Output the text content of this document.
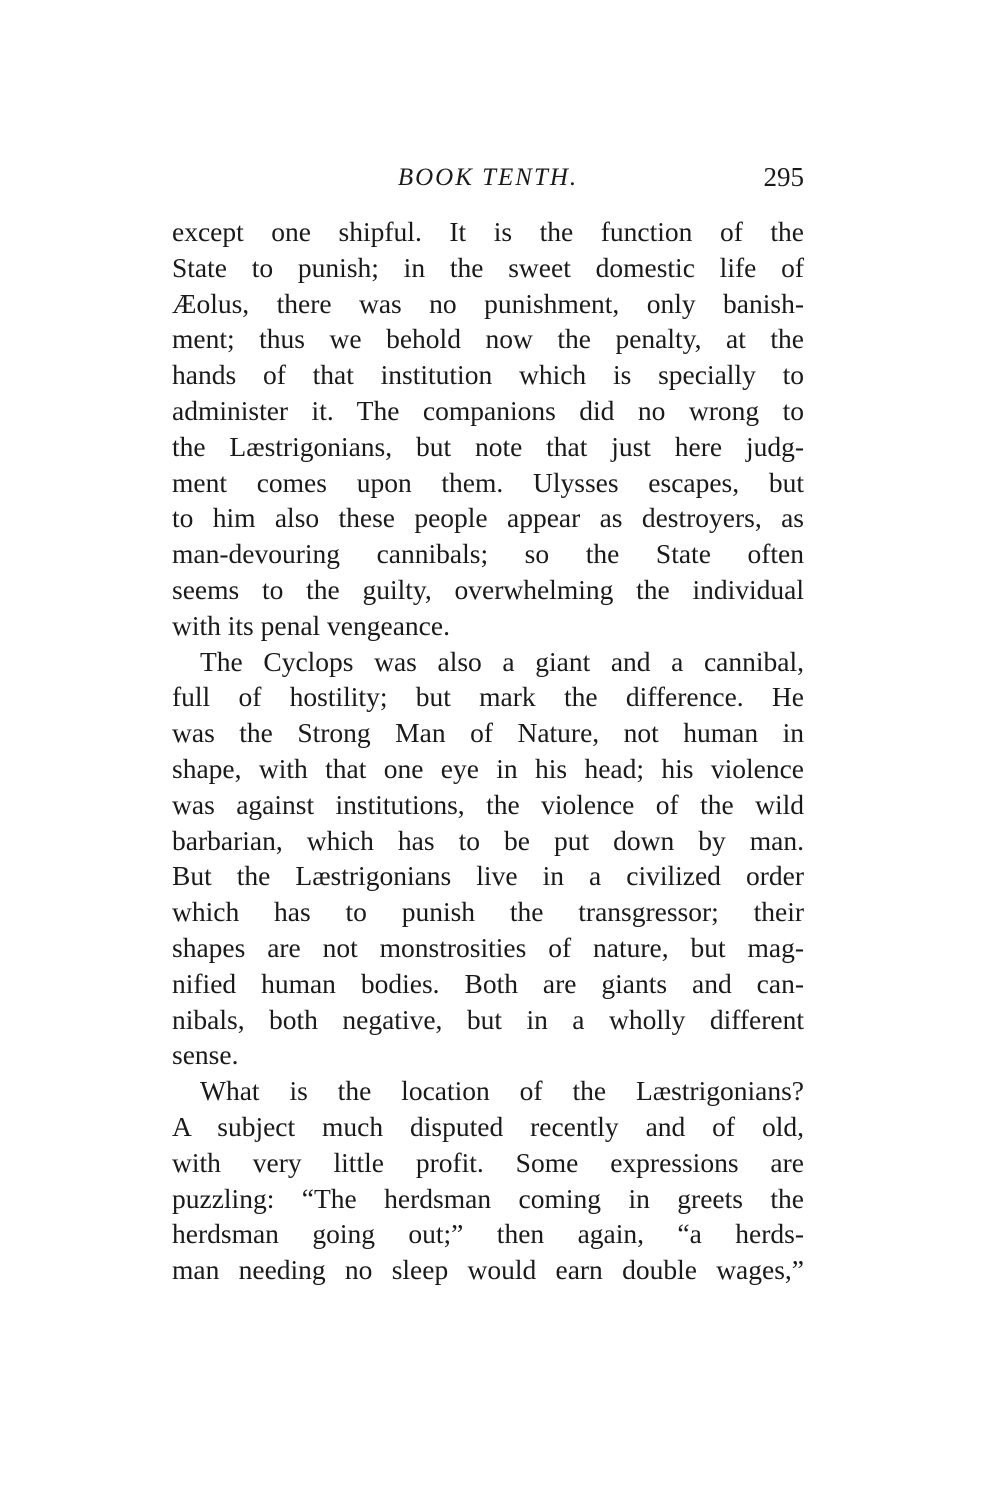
BOOK TENTH.	295
except one shipful. It is the function of the
State to punish; in the sweet domestic life of
Æolus, there was no punishment, only banish-
ment; thus we behold now the penalty, at the
hands of that institution which is specially to
administer it. The companions did no wrong to
the Læstrigonians, but note that just here judg-
ment comes upon them. Ulysses escapes, but
to him also these people appear as destroyers, as
man-devouring cannibals; so the State often
seems to the guilty, overwhelming the individual
with its penal vengeance.
The Cyclops was also a giant and a cannibal,
full of hostility; but mark the difference. He
was the Strong Man of Nature, not human in
shape, with that one eye in his head; his violence
was against institutions, the violence of the wild
barbarian, which has to be put down by man.
But the Læstrigonians live in a civilized order
which has to punish the transgressor; their
shapes are not monstrosities of nature, but mag-
nified human bodies. Both are giants and can-
nibals, both negative, but in a wholly different
sense.
What is the location of the Læstrigonians?
A subject much disputed recently and of old,
with very little profit. Some expressions are
puzzling: “The herdsman coming in greets the
herdsman going out;” then again, “a herds-
man needing no sleep would earn double wages,”
